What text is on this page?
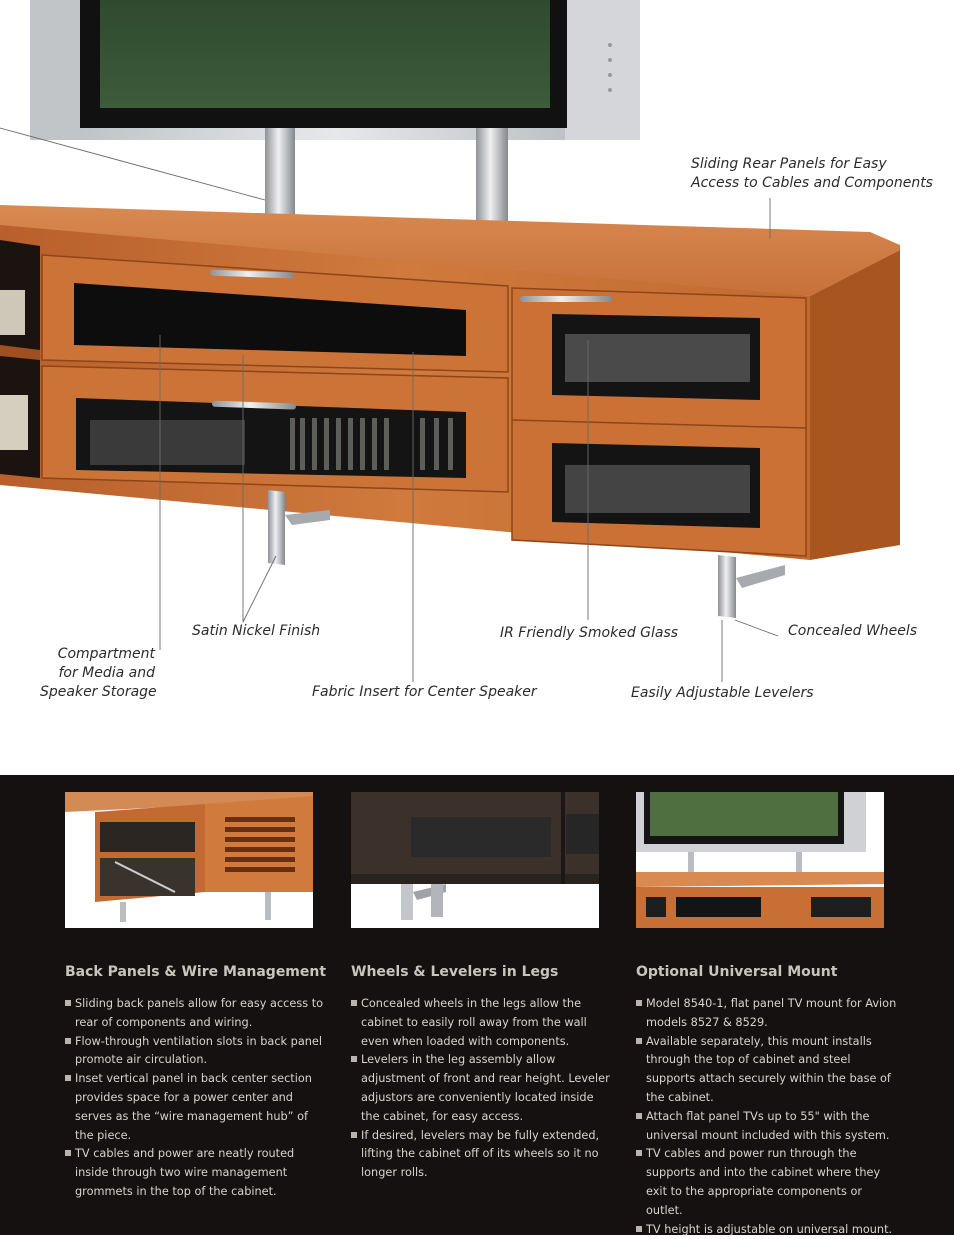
Sliding Rear Panels for Easy
Access to Cables and Components
Satin Nickel Finish	IR Friendly Smoked Glass	Concealed Wheels
Compartment
for Media and
Speaker Storage	Fabric Insert for Center Speaker	Easily Adjustable Levelers
Back Panels & Wire Management
Sliding back panels allow for easy access to rear of components and wiring.
Flow-through ventilation slots in back panel promote air circulation.
Inset vertical panel in back center section provides space for a power center and serves as the “wire management hub” of the piece.
TV cables and power are neatly routed inside through two wire management grommets in the top of the cabinet.
Wheels & Levelers in Legs
Concealed wheels in the legs allow the cabinet to easily roll away from the wall even when loaded with components.
Levelers in the leg assembly allow adjustment of front and rear height. Leveler adjustors are conveniently located inside the cabinet, for easy access.
If desired, levelers may be fully extended, lifting the cabinet off of its wheels so it no longer rolls.
Optional Universal Mount
Model 8540-1, flat panel TV mount for Avion models 8527 & 8529.
Available separately, this mount installs through the top of cabinet and steel supports attach securely within the base of the cabinet.
Attach flat panel TVs up to 55" with the universal mount included with this system.
TV cables and power run through the supports and into the cabinet where they exit to the appropriate components or outlet.
TV height is adjustable on universal mount.
